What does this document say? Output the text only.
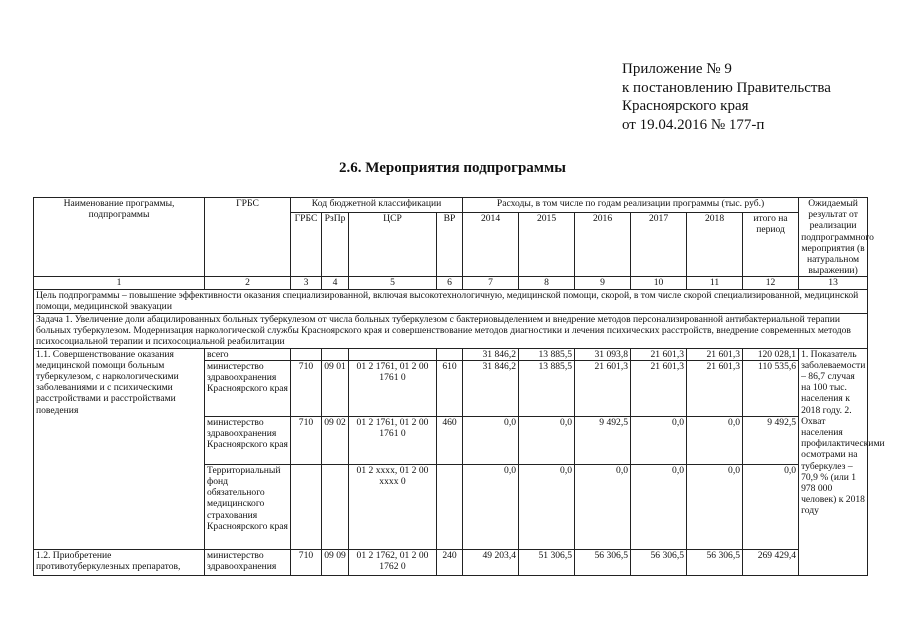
Приложение № 9
к постановлению Правительства
Красноярского края
от 19.04.2016 № 177-п
2.6. Мероприятия подпрограммы
Наименование программы, подпрограммы	ГРБС	Код бюджетной классификации				Расходы, в том числе по годам реализации программы (тыс. руб.)						Ожидаемый результат от реализации подпрограммного мероприятия (в натуральном выражении)
		ГРБС	РзПр	ЦСР	ВР	2014	2015	2016	2017	2018	итого на период	
1	2	3	4	5	6	7	8	9	10	11	12	13
Цель подпрограммы – повышение эффективности оказания специализированной, включая высокотехнологичную, медицинской помощи, скорой, в том числе скорой специализированной, медицинской помощи, медицинской эвакуации												
Задача 1. Увеличение доли абацилированных больных туберкулезом от числа больных туберкулезом с бактериовыделением и внедрение методов персонализированной антибактериальной терапии больных туберкулезом. Модернизация наркологической службы Красноярского края и совершенствование методов диагностики и лечения психических расстройств, внедрение современных методов психосоциальной терапии и психосоциальной реабилитации												
1.1. Совершенствование оказания медицинской помощи больным туберкулезом, с наркологическими заболеваниями и с психическими расстройствами и расстройствами поведения	всего					31 846,2	13 885,5	31 093,8	21 601,3	21 601,3	120 028,1	1. Показатель заболеваемости – 86,7 случая на 100 тыс. населения к 2018 году. 2. Охват населения профилактическими осмотрами на туберкулез – 70,9 % (или 1 978 000 человек) к 2018 году
	министерство здравоохранения Красноярского края	710	09 01	01 2 1761, 01 2 00 1761 0	610	31 846,2	13 885,5	21 601,3	21 601,3	21 601,3	110 535,6	
	министерство здравоохранения Красноярского края	710	09 02	01 2 1761, 01 2 00 1761 0	460	0,0	0,0	9 492,5	0,0	0,0	9 492,5	
	Территориальный фонд обязательного медицинского страхования Красноярского края			01 2 хххх, 01 2 00 хххх 0		0,0	0,0	0,0	0,0	0,0	0,0	
1.2. Приобретение противотуберкулезных препаратов,	министерство здравоохранения	710	09 09	01 2 1762, 01 2 00 1762 0	240	49 203,4	51 306,5	56 306,5	56 306,5	56 306,5	269 429,4	
